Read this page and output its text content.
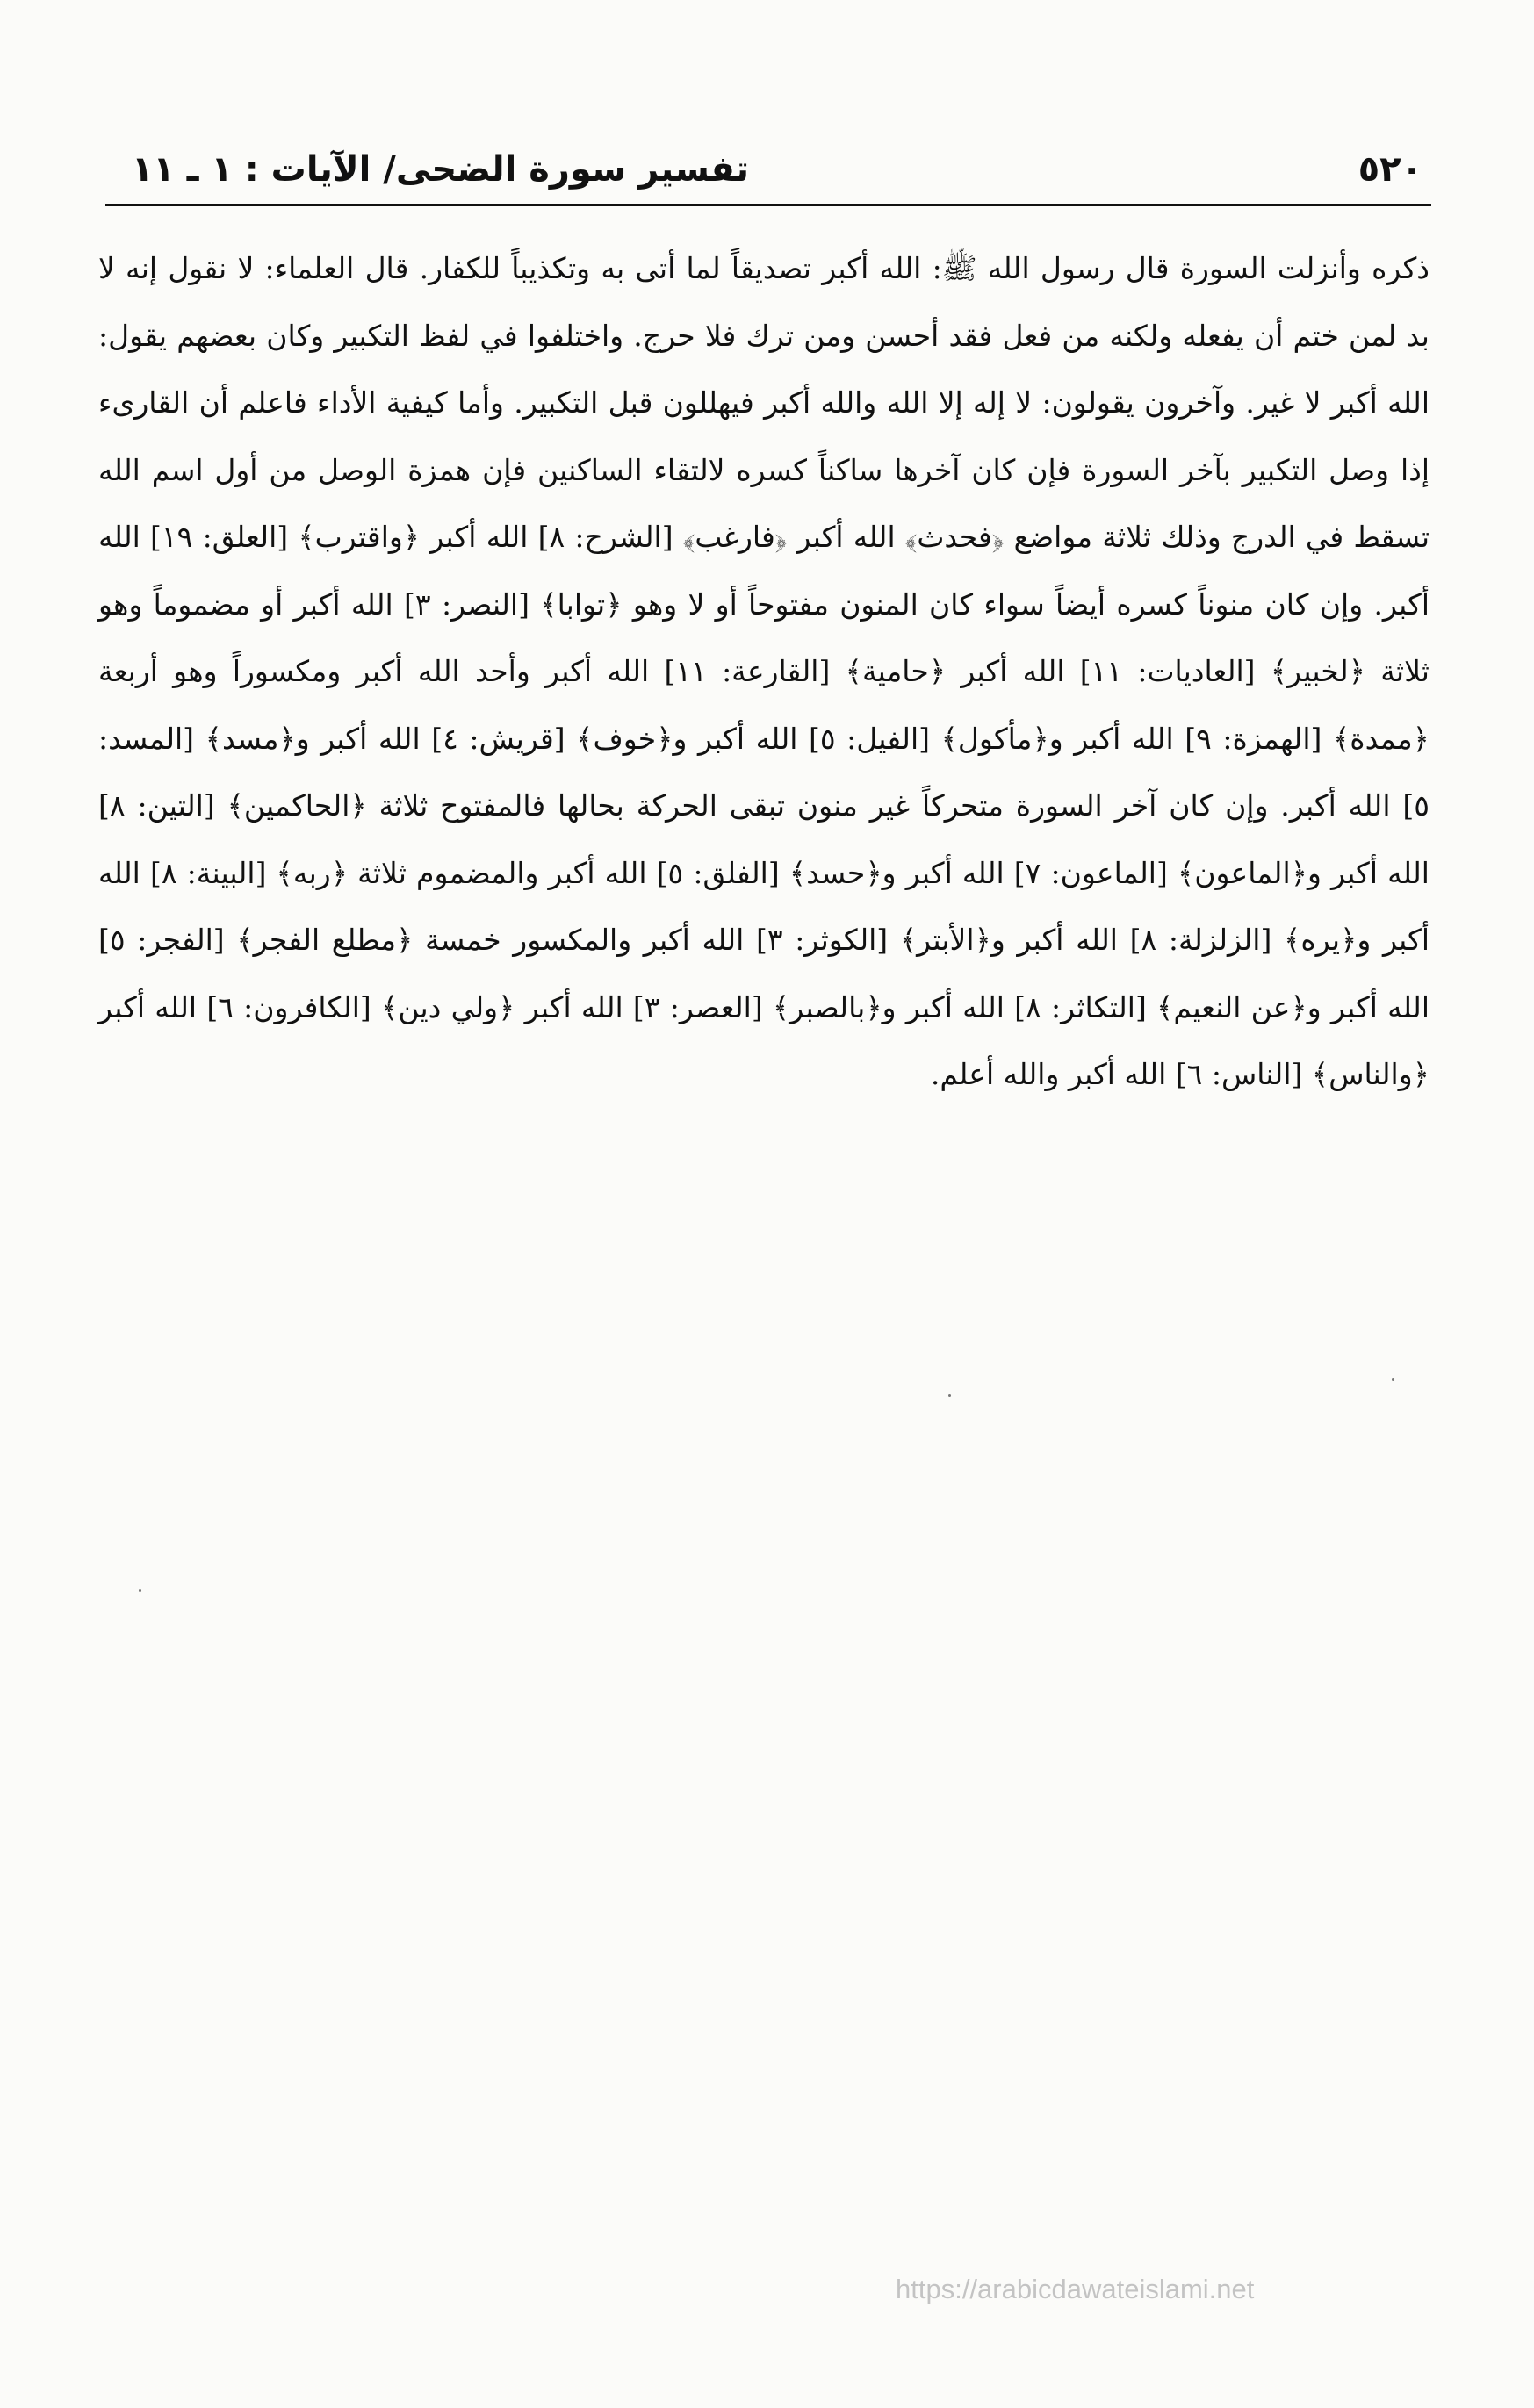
٥٢٠
تفسير سورة الضحى/ الآيات : ١ ـ ١١

ذكره وأنزلت السورة قال رسول الله ﷺ: الله أكبر تصديقاً لما أتى به وتكذيباً للكفار. قال العلماء: لا نقول إنه لا بد لمن ختم أن يفعله ولكنه من فعل فقد أحسن ومن ترك فلا حرج. واختلفوا في لفظ التكبير وكان بعضهم يقول: الله أكبر لا غير. وآخرون يقولون: لا إله إلا الله والله أكبر فيهللون قبل التكبير. وأما كيفية الأداء فاعلم أن القارىء إذا وصل التكبير بآخر السورة فإن كان آخرها ساكناً كسره لالتقاء الساكنين فإن همزة الوصل من أول اسم الله تسقط في الدرج وذلك ثلاثة مواضع ﴿فحدث﴾ الله أكبر ﴿فارغب﴾ [الشرح: ٨] الله أكبر ﴿واقترب﴾ [العلق: ١٩] الله أكبر. وإن كان منوناً كسره أيضاً سواء كان المنون مفتوحاً أو لا وهو ﴿توابا﴾ [النصر: ٣] الله أكبر أو مضموماً وهو ثلاثة ﴿لخبير﴾ [العاديات: ١١] الله أكبر ﴿حامية﴾ [القارعة: ١١] الله أكبر وأحد الله أكبر ومكسوراً وهو أربعة ﴿ممدة﴾ [الهمزة: ٩] الله أكبر و﴿مأكول﴾ [الفيل: ٥] الله أكبر و﴿خوف﴾ [قريش: ٤] الله أكبر و﴿مسد﴾ [المسد: ٥] الله أكبر. وإن كان آخر السورة متحركاً غير منون تبقى الحركة بحالها فالمفتوح ثلاثة ﴿الحاكمين﴾ [التين: ٨] الله أكبر و﴿الماعون﴾ [الماعون: ٧] الله أكبر و﴿حسد﴾ [الفلق: ٥] الله أكبر والمضموم ثلاثة ﴿ربه﴾ [البينة: ٨] الله أكبر و﴿يره﴾ [الزلزلة: ٨] الله أكبر و﴿الأبتر﴾ [الكوثر: ٣] الله أكبر والمكسور خمسة ﴿مطلع الفجر﴾ [الفجر: ٥] الله أكبر و﴿عن النعيم﴾ [التكاثر: ٨] الله أكبر و﴿بالصبر﴾ [العصر: ٣] الله أكبر ﴿ولي دين﴾ [الكافرون: ٦] الله أكبر ﴿والناس﴾ [الناس: ٦] الله أكبر والله أعلم.

https://arabicdawateislami.net
